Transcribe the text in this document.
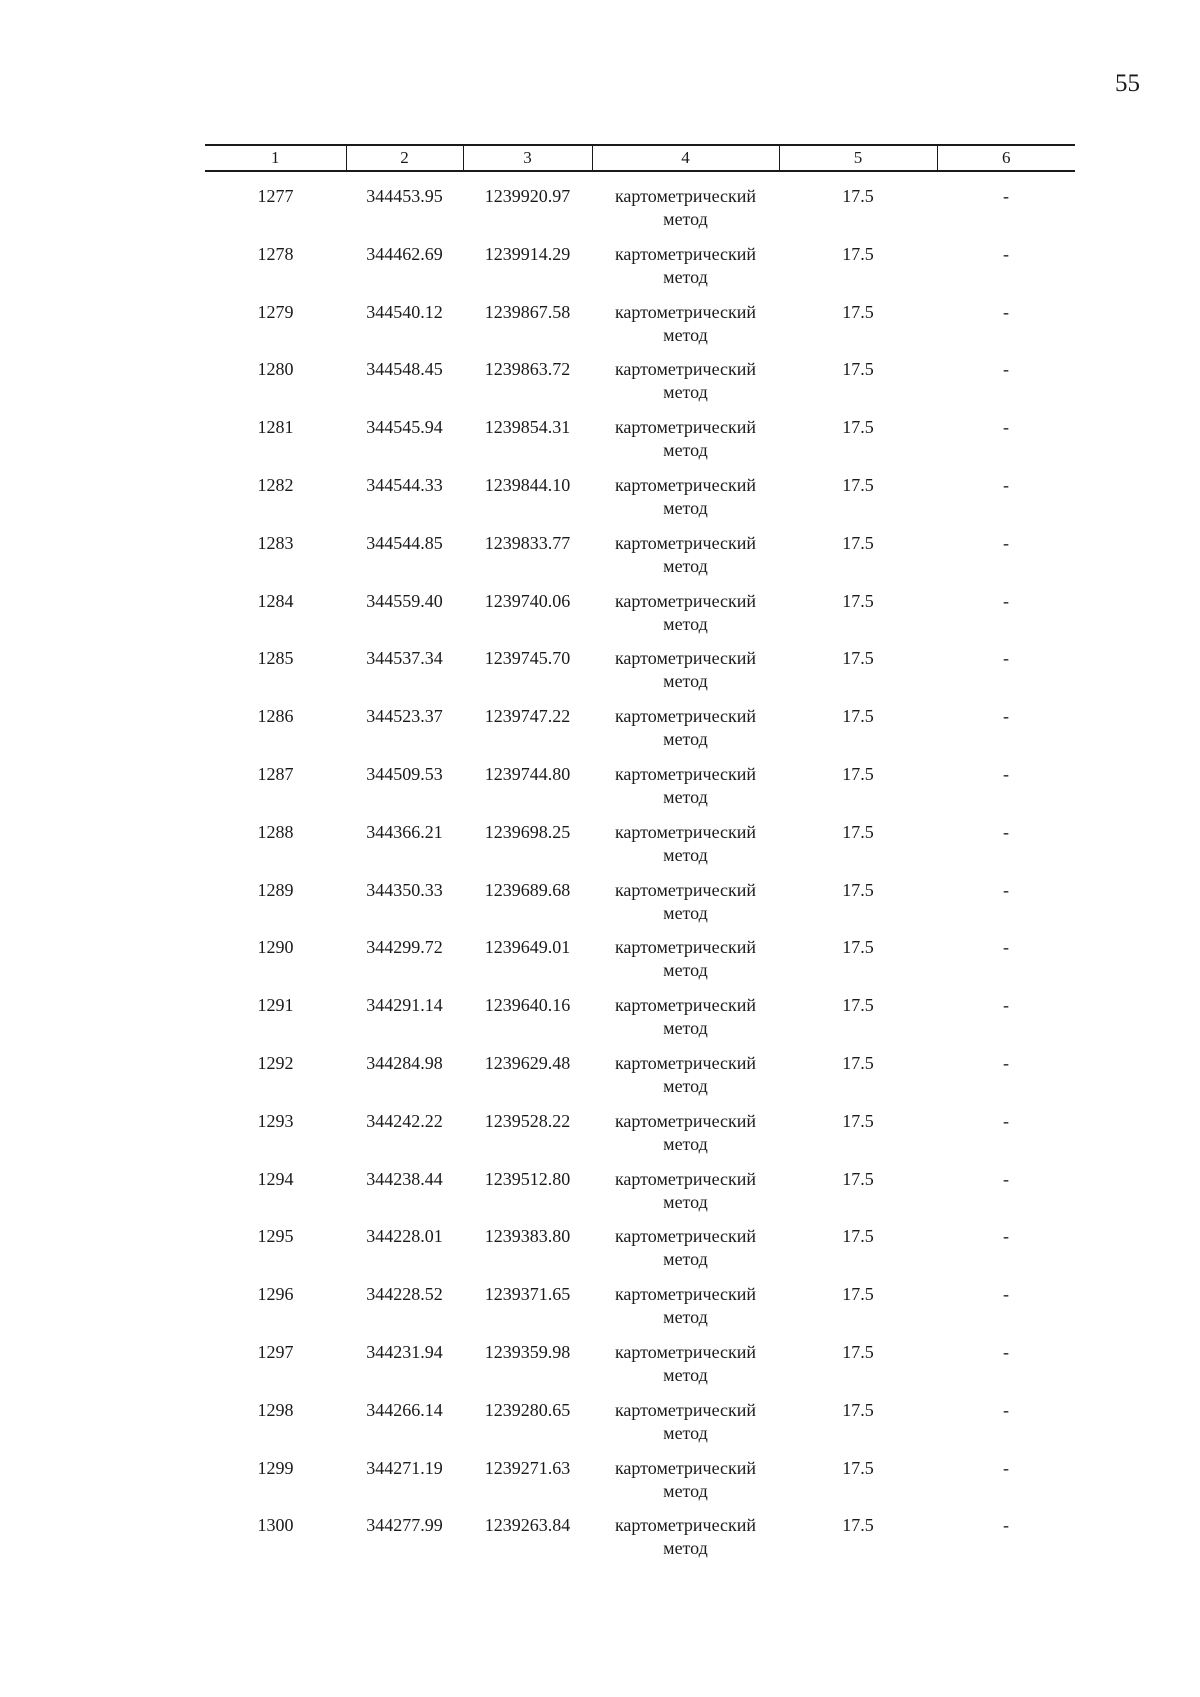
55
1	2	3	4	5	6

1277	344453.95	1239920.97	картометрический
метод	17.5	-
1278	344462.69	1239914.29	картометрический
метод	17.5	-
1279	344540.12	1239867.58	картометрический
метод	17.5	-
1280	344548.45	1239863.72	картометрический
метод	17.5	-
1281	344545.94	1239854.31	картометрический
метод	17.5	-
1282	344544.33	1239844.10	картометрический
метод	17.5	-
1283	344544.85	1239833.77	картометрический
метод	17.5	-
1284	344559.40	1239740.06	картометрический
метод	17.5	-
1285	344537.34	1239745.70	картометрический
метод	17.5	-
1286	344523.37	1239747.22	картометрический
метод	17.5	-
1287	344509.53	1239744.80	картометрический
метод	17.5	-
1288	344366.21	1239698.25	картометрический
метод	17.5	-
1289	344350.33	1239689.68	картометрический
метод	17.5	-
1290	344299.72	1239649.01	картометрический
метод	17.5	-
1291	344291.14	1239640.16	картометрический
метод	17.5	-
1292	344284.98	1239629.48	картометрический
метод	17.5	-
1293	344242.22	1239528.22	картометрический
метод	17.5	-
1294	344238.44	1239512.80	картометрический
метод	17.5	-
1295	344228.01	1239383.80	картометрический
метод	17.5	-
1296	344228.52	1239371.65	картометрический
метод	17.5	-
1297	344231.94	1239359.98	картометрический
метод	17.5	-
1298	344266.14	1239280.65	картометрический
метод	17.5	-
1299	344271.19	1239271.63	картометрический
метод	17.5	-
1300	344277.99	1239263.84	картометрический
метод	17.5	-
